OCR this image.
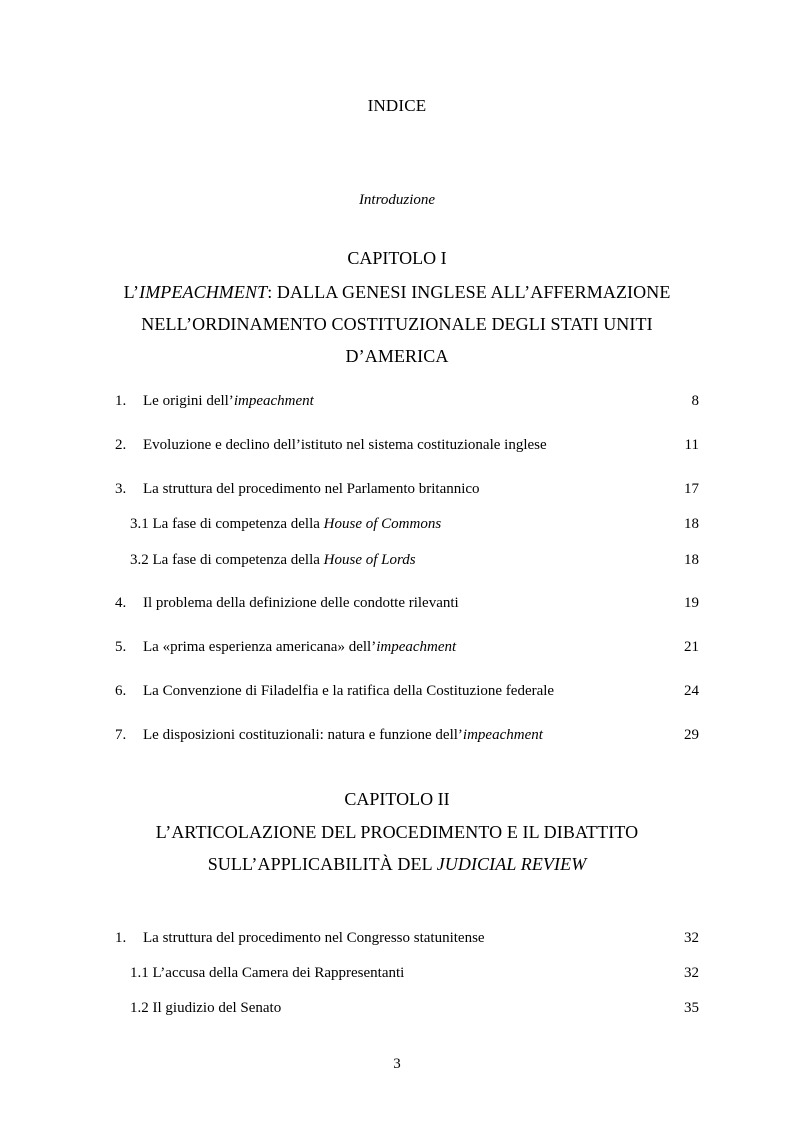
INDICE
Introduzione
CAPITOLO I
L’IMPEACHMENT: DALLA GENESI INGLESE ALL’AFFERMAZIONE
NELL’ORDINAMENTO COSTITUZIONALE DEGLI STATI UNITI
D’AMERICA
1. Le origini dell’impeachment	8
2. Evoluzione e declino dell’istituto nel sistema costituzionale inglese	11
3. La struttura del procedimento nel Parlamento britannico	17
3.1 La fase di competenza della House of Commons	18
3.2 La fase di competenza della House of Lords	18
4. Il problema della definizione delle condotte rilevanti	19
5. La «prima esperienza americana» dell’impeachment	21
6. La Convenzione di Filadelfia e la ratifica della Costituzione federale	24
7. Le disposizioni costituzionali: natura e funzione dell’impeachment	29
CAPITOLO II
L’ARTICOLAZIONE DEL PROCEDIMENTO E IL DIBATTITO
SULL’APPLICABILITÀ DEL JUDICIAL REVIEW
1. La struttura del procedimento nel Congresso statunitense	32
1.1 L’accusa della Camera dei Rappresentanti	32
1.2 Il giudizio del Senato	35
3
